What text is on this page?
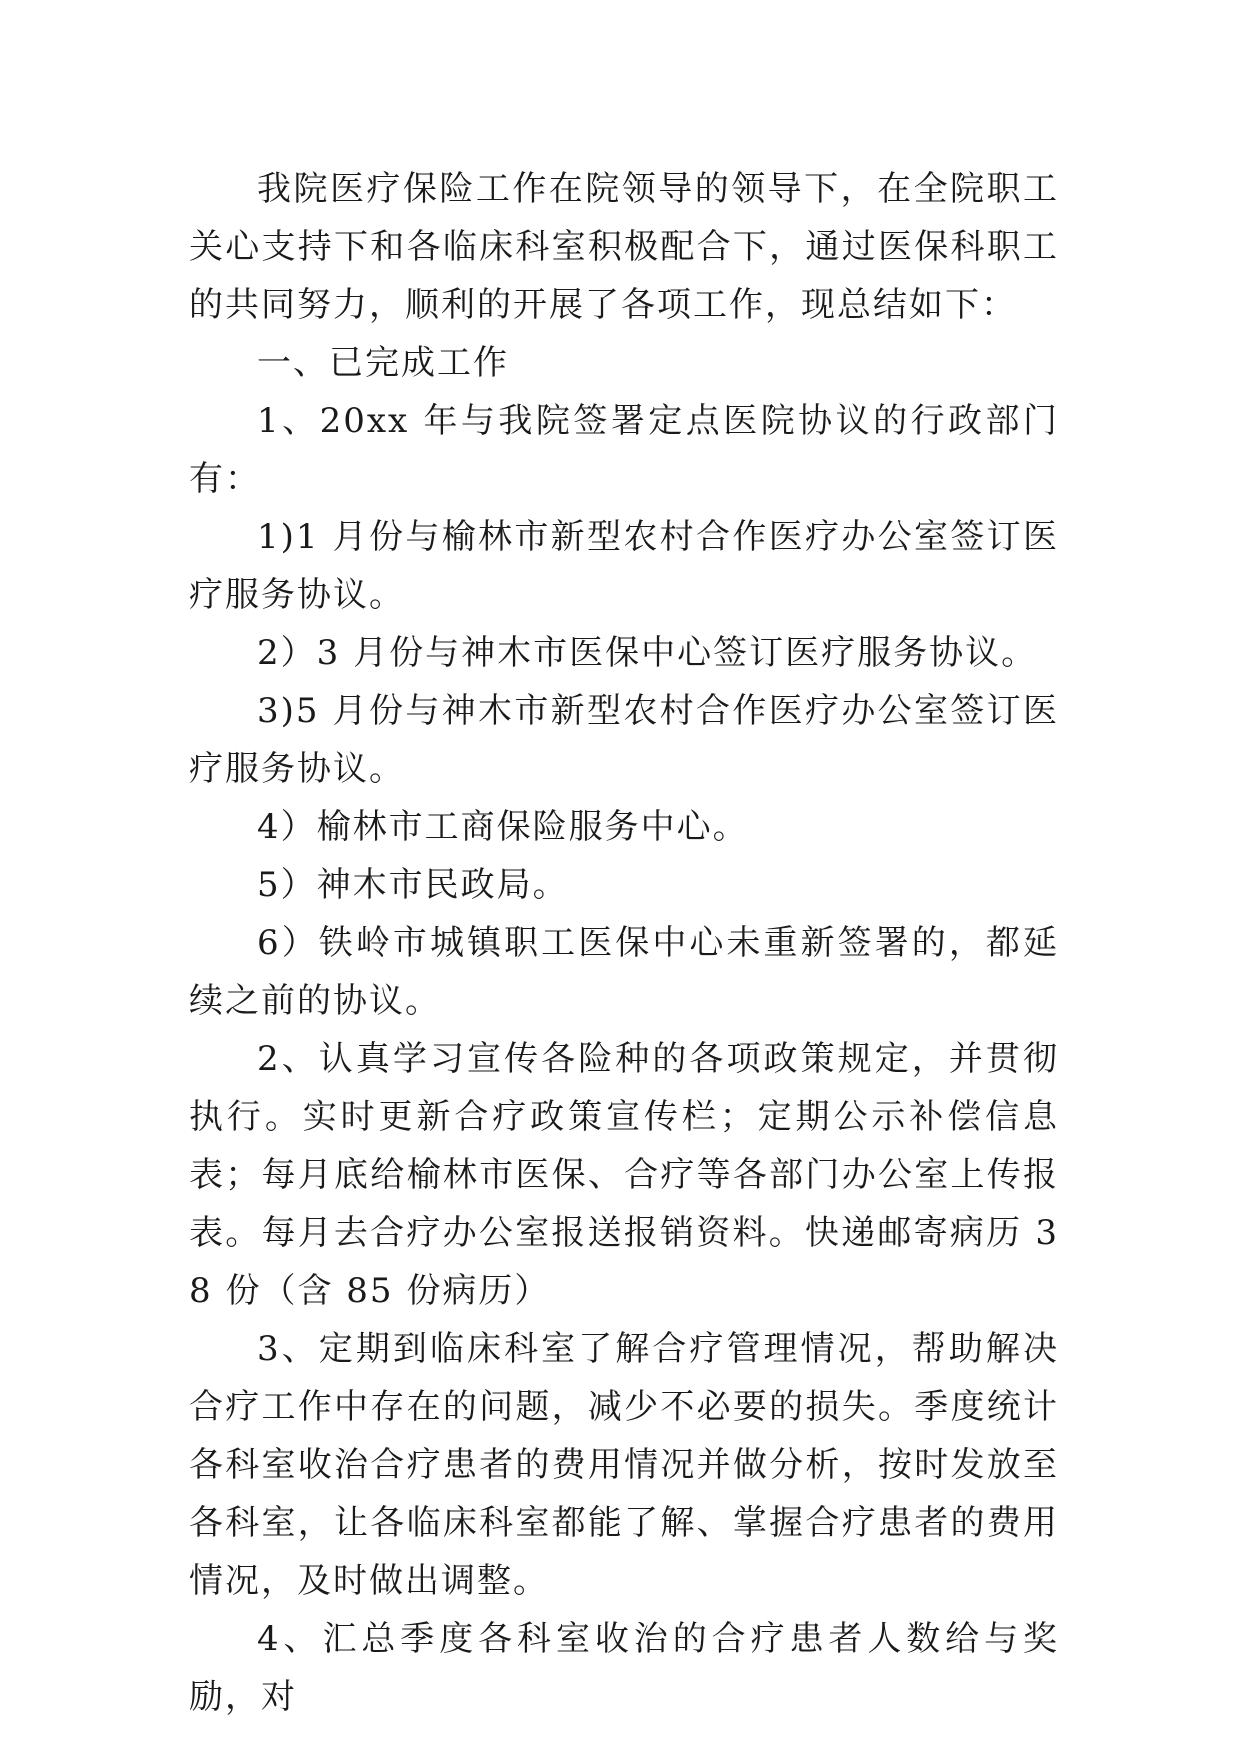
我院医疗保险工作在院领导的领导下，在全院职工关心支持下和各临床科室积极配合下，通过医保科职工的共同努力，顺利的开展了各项工作，现总结如下：

一、已完成工作

1、20xx 年与我院签署定点医院协议的行政部门有：

1)1 月份与榆林市新型农村合作医疗办公室签订医疗服务协议。

2）3 月份与神木市医保中心签订医疗服务协议。

3)5 月份与神木市新型农村合作医疗办公室签订医疗服务协议。

4）榆林市工商保险服务中心。

5）神木市民政局。

6）铁岭市城镇职工医保中心未重新签署的，都延续之前的协议。

2、认真学习宣传各险种的各项政策规定，并贯彻执行。实时更新合疗政策宣传栏；定期公示补偿信息表；每月底给榆林市医保、合疗等各部门办公室上传报表。每月去合疗办公室报送报销资料。快递邮寄病历 38 份（含 85 份病历）

3、定期到临床科室了解合疗管理情况，帮助解决合疗工作中存在的问题，减少不必要的损失。季度统计各科室收治合疗患者的费用情况并做分析，按时发放至各科室，让各临床科室都能了解、掌握合疗患者的费用情况，及时做出调整。

4、汇总季度各科室收治的合疗患者人数给与奖励，对
